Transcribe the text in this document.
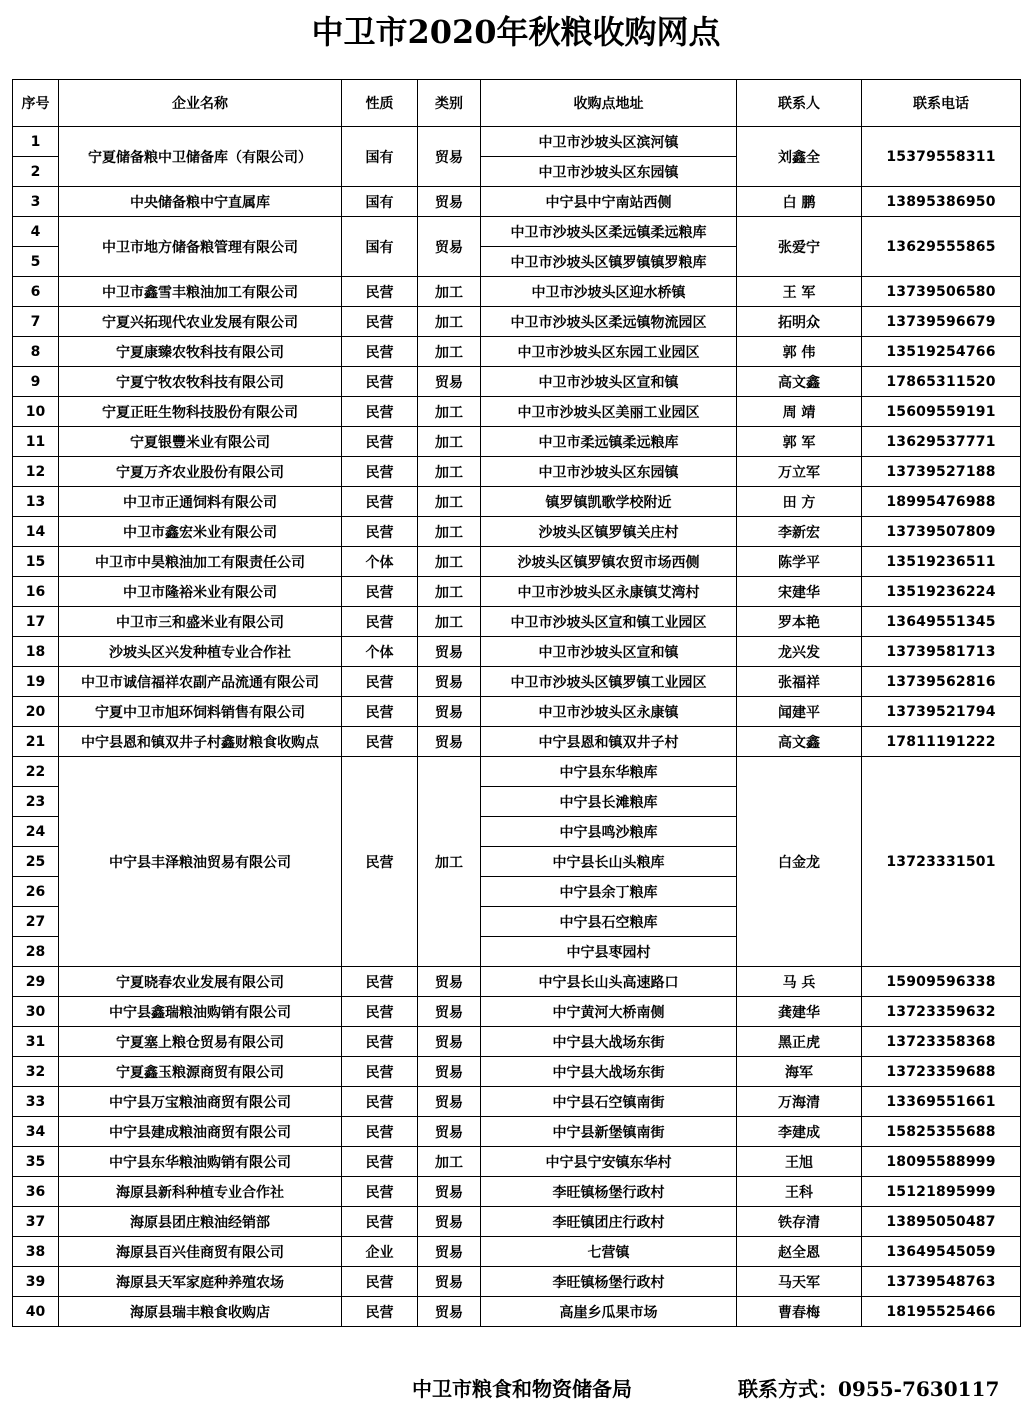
中卫市2020年秋粮收购网点
序号	企业名称	性质	类别	收购点地址	联系人	联系电话
1	宁夏储备粮中卫储备库（有限公司）	国有	贸易	中卫市沙坡头区滨河镇	刘鑫全	15379558311
2				中卫市沙坡头区东园镇		
3	中央储备粮中宁直属库	国有	贸易	中宁县中宁南站西侧	白 鹏	13895386950
4	中卫市地方储备粮管理有限公司	国有	贸易	中卫市沙坡头区柔远镇柔远粮库	张爱宁	13629555865
5				中卫市沙坡头区镇罗镇镇罗粮库		
6	中卫市鑫雪丰粮油加工有限公司	民营	加工	中卫市沙坡头区迎水桥镇	王 军	13739506580
7	宁夏兴拓现代农业发展有限公司	民营	加工	中卫市沙坡头区柔远镇物流园区	拓明众	13739596679
8	宁夏康臻农牧科技有限公司	民营	加工	中卫市沙坡头区东园工业园区	郭 伟	13519254766
9	宁夏宁牧农牧科技有限公司	民营	贸易	中卫市沙坡头区宣和镇	高文鑫	17865311520
10	宁夏正旺生物科技股份有限公司	民营	加工	中卫市沙坡头区美丽工业园区	周 靖	15609559191
11	宁夏银豐米业有限公司	民营	加工	中卫市柔远镇柔远粮库	郭 军	13629537771
12	宁夏万齐农业股份有限公司	民营	加工	中卫市沙坡头区东园镇	万立军	13739527188
13	中卫市正通饲料有限公司	民营	加工	镇罗镇凯歌学校附近	田 方	18995476988
14	中卫市鑫宏米业有限公司	民营	加工	沙坡头区镇罗镇关庄村	李新宏	13739507809
15	中卫市中昊粮油加工有限责任公司	个体	加工	沙坡头区镇罗镇农贸市场西侧	陈学平	13519236511
16	中卫市隆裕米业有限公司	民营	加工	中卫市沙坡头区永康镇艾湾村	宋建华	13519236224
17	中卫市三和盛米业有限公司	民营	加工	中卫市沙坡头区宣和镇工业园区	罗本艳	13649551345
18	沙坡头区兴发种植专业合作社	个体	贸易	中卫市沙坡头区宣和镇	龙兴发	13739581713
19	中卫市诚信福祥农副产品流通有限公司	民营	贸易	中卫市沙坡头区镇罗镇工业园区	张福祥	13739562816
20	宁夏中卫市旭环饲料销售有限公司	民营	贸易	中卫市沙坡头区永康镇	闻建平	13739521794
21	中宁县恩和镇双井子村鑫财粮食收购点	民营	贸易	中宁县恩和镇双井子村	高文鑫	17811191222
22	中宁县丰泽粮油贸易有限公司	民营	加工	中宁县东华粮库	白金龙	13723331501
23				中宁县长滩粮库		
24				中宁县鸣沙粮库		
25				中宁县长山头粮库		
26				中宁县余丁粮库		
27				中宁县石空粮库		
28				中宁县枣园村		
29	宁夏晓春农业发展有限公司	民营	贸易	中宁县长山头高速路口	马 兵	15909596338
30	中宁县鑫瑞粮油购销有限公司	民营	贸易	中宁黄河大桥南侧	龚建华	13723359632
31	宁夏塞上粮仓贸易有限公司	民营	贸易	中宁县大战场东街	黑正虎	13723358368
32	宁夏鑫玉粮源商贸有限公司	民营	贸易	中宁县大战场东街	海军	13723359688
33	中宁县万宝粮油商贸有限公司	民营	贸易	中宁县石空镇南街	万海清	13369551661
34	中宁县建成粮油商贸有限公司	民营	贸易	中宁县新堡镇南街	李建成	15825355688
35	中宁县东华粮油购销有限公司	民营	加工	中宁县宁安镇东华村	王旭	18095588999
36	海原县新科种植专业合作社	民营	贸易	李旺镇杨堡行政村	王科	15121895999
37	海原县团庄粮油经销部	民营	贸易	李旺镇团庄行政村	铁存清	13895050487
38	海原县百兴佳商贸有限公司	企业	贸易	七营镇	赵全恩	13649545059
39	海原县天军家庭种养殖农场	民营	贸易	李旺镇杨堡行政村	马天军	13739548763
40	海原县瑞丰粮食收购店	民营	贸易	高崖乡瓜果市场	曹春梅	18195525466
中卫市粮食和物资储备局	联系方式：0955-7630117
